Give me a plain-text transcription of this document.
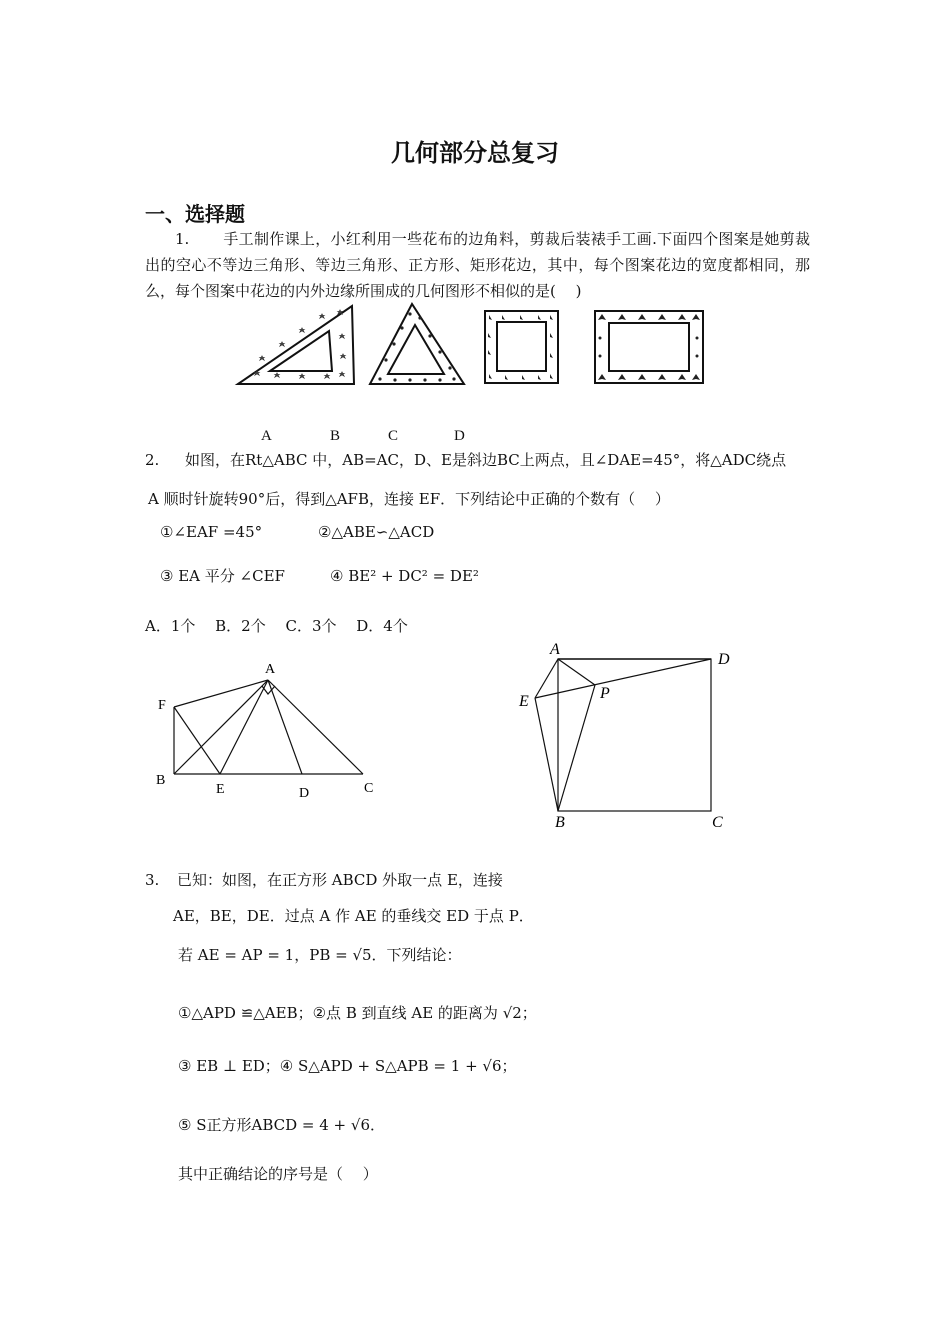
几何部分总复习
一、选择题
1. 手工制作课上，小红利用一些花布的边角料，剪裁后装裱手工画.下面四个图案是她剪裁出的空心不等边三角形、等边三角形、正方形、矩形花边，其中，每个图案花边的宽度都相同，那么，每个图案中花边的内外边缘所围成的几何图形不相似的是(　 )
A	B	C	D
2. 如图，在Rt△ABC 中，AB=AC，D、E是斜边BC上两点，且∠DAE=45°，将△ADC绕点
A 顺时针旋转90°后，得到△AFB，连接 EF．下列结论中正确的个数有（　 ）
①∠EAF =45°	②△ABE∽△ACD
③ EA 平分 ∠CEF	④ BE² + DC² = DE²
A．1个　 B．2个　 C．3个　 D．4个
A
F
B
E	D	C
A
D
E	P
B	C
3. 已知：如图，在正方形 ABCD 外取一点 E，连接
AE，BE，DE．过点 A 作 AE 的垂线交 ED 于点 P．
若 AE = AP = 1，PB = √5．下列结论：
①△APD ≌△AEB；②点 B 到直线 AE 的距离为 √2；
③ EB ⊥ ED；④ S△APD + S△APB = 1 + √6；
⑤ S正方形ABCD = 4 + √6．
其中正确结论的序号是（　 ）
